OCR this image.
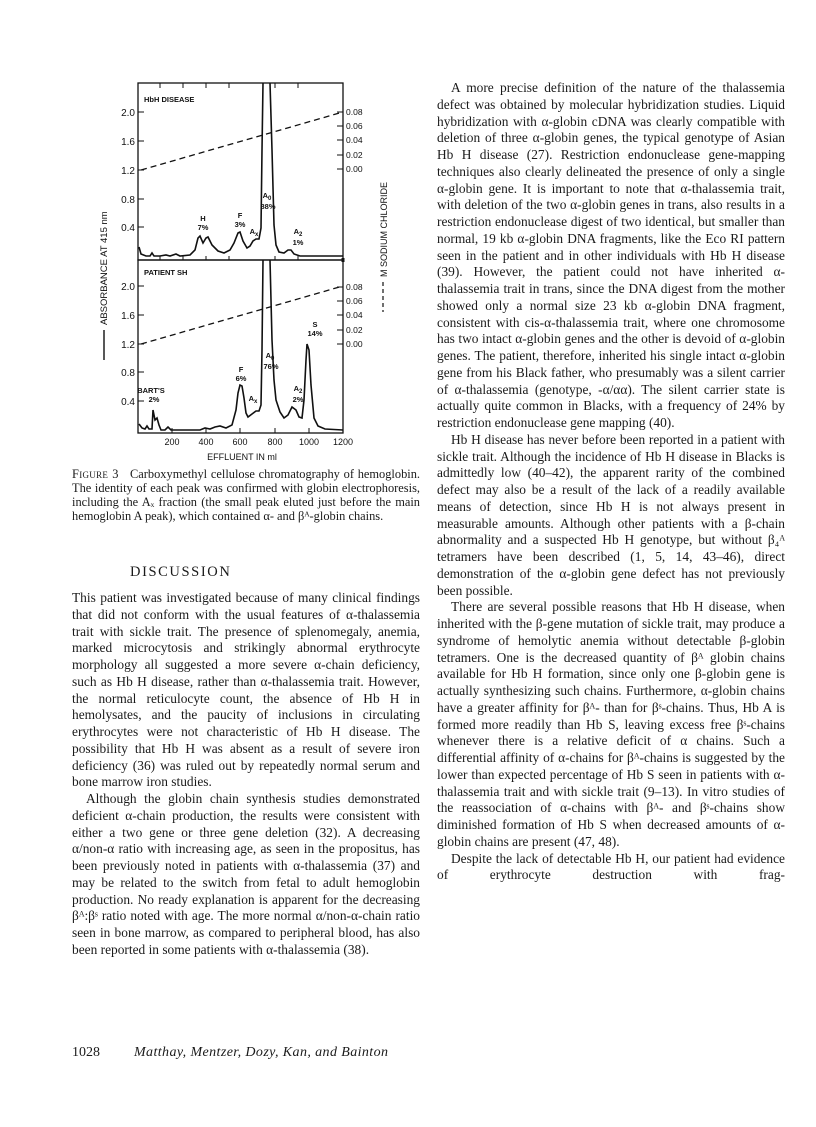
2.0
1.6
1.2
0.8
0.4
2.0
1.6
1.2
0.8
0.4
0.08
0.06
0.04
0.02
0.00
0.08
0.06
0.04
0.02
0.00
200 400 600 800 1000 1200
EFFLUENT IN ml
ABSORBANCE AT 415 nm	M SODIUM CHLORIDE
HbH DISEASE
PATIENT SH
H
7%
F
3%
$A_x$
$A_0$
88%
$A_2$
1%
BART'S
2%
F
6%
$A_x$
$A_0$
76%
$A_2$
2%
S
14%
Figure 3 Carboxymethyl cellulose chromatography of hemoglobin. The identity of each peak was confirmed with globin electrophoresis, including the Aₓ fraction (the small peak eluted just before the main hemoglobin A peak), which contained α- and βᴬ-globin chains.
DISCUSSION

This patient was investigated because of many clinical findings that did not conform with the usual features of α-thalassemia trait with sickle trait. The presence of splenomegaly, anemia, marked microcytosis and strikingly abnormal erythrocyte morphology all suggested a more severe α-chain deficiency, such as Hb H disease, rather than α-thalassemia trait. However, the normal reticulocyte count, the absence of Hb H in hemolysates, and the paucity of inclusions in circulating erythrocytes were not characteristic of Hb H disease. The possibility that Hb H was absent as a result of severe iron deficiency (36) was ruled out by repeatedly normal serum and bone marrow iron studies.

Although the globin chain synthesis studies demonstrated deficient α-chain production, the results were consistent with either a two gene or three gene deletion (32). A decreasing α/non-α ratio with increasing age, as seen in the propositus, has been previously noted in patients with α-thalassemia (37) and may be related to the switch from fetal to adult hemoglobin production. No ready explanation is apparent for the decreasing βᴬ:βˢ ratio noted with age. The more normal α/non-α-chain ratio seen in bone marrow, as compared to peripheral blood, has also been reported in some patients with α-thalassemia (38).

A more precise definition of the nature of the thalassemia defect was obtained by molecular hybridization studies. Liquid hybridization with α-globin cDNA was clearly compatible with deletion of three α-globin genes, the typical genotype of Asian Hb H disease (27). Restriction endonuclease gene-mapping techniques also clearly delineated the presence of only a single α-globin gene. It is important to note that α-thalassemia trait, with deletion of the two α-globin genes in trans, also results in a restriction endonuclease digest of two identical, but smaller than normal, 19 kb α-globin DNA fragments, like the Eco RI pattern seen in the patient and in other individuals with Hb H disease (39). However, the patient could not have inherited α-thalassemia trait in trans, since the DNA digest from the mother showed only a normal size 23 kb α-globin DNA fragment, consistent with cis-α-thalassemia trait, where one chromosome has two intact α-globin genes and the other is devoid of α-globin genes. The patient, therefore, inherited his single intact α-globin gene from his Black father, who presumably was a silent carrier of α-thalassemia (genotype, -α/αα). The silent carrier state is actually quite common in Blacks, with a frequency of 24% by restriction endonuclease gene mapping (40).

Hb H disease has never before been reported in a patient with sickle trait. Although the incidence of Hb H disease in Blacks is admittedly low (40–42), the apparent rarity of the combined defect may also be a result of the lack of a readily available means of detection, since Hb H is not always present in measurable amounts. Although other patients with a β-chain abnormality and a suspected Hb H genotype, but without β₄ᴬ tetramers have been described (1, 5, 14, 43–46), direct demonstration of the α-globin gene defect has not previously been possible.

There are several possible reasons that Hb H disease, when inherited with the β-gene mutation of sickle trait, may produce a syndrome of hemolytic anemia without detectable β-globin tetramers. One is the decreased quantity of βᴬ globin chains available for Hb H formation, since only one β-globin gene is actually synthesizing such chains. Furthermore, α-globin chains have a greater affinity for βᴬ- than for βˢ-chains. Thus, Hb A is formed more readily than Hb S, leaving excess free βˢ-chains whenever there is a relative deficit of α chains. Such a differential affinity of α-chains for βᴬ-chains is suggested by the lower than expected percentage of Hb S seen in patients with α-thalassemia trait and with sickle trait (9–13). In vitro studies of the reassociation of α-chains with βᴬ- and βˢ-chains show diminished formation of Hb S when decreased amounts of α-globin chains are present (47, 48).

Despite the lack of detectable Hb H, our patient had evidence of erythrocyte destruction with frag-

1028	Matthay, Mentzer, Dozy, Kan, and Bainton
